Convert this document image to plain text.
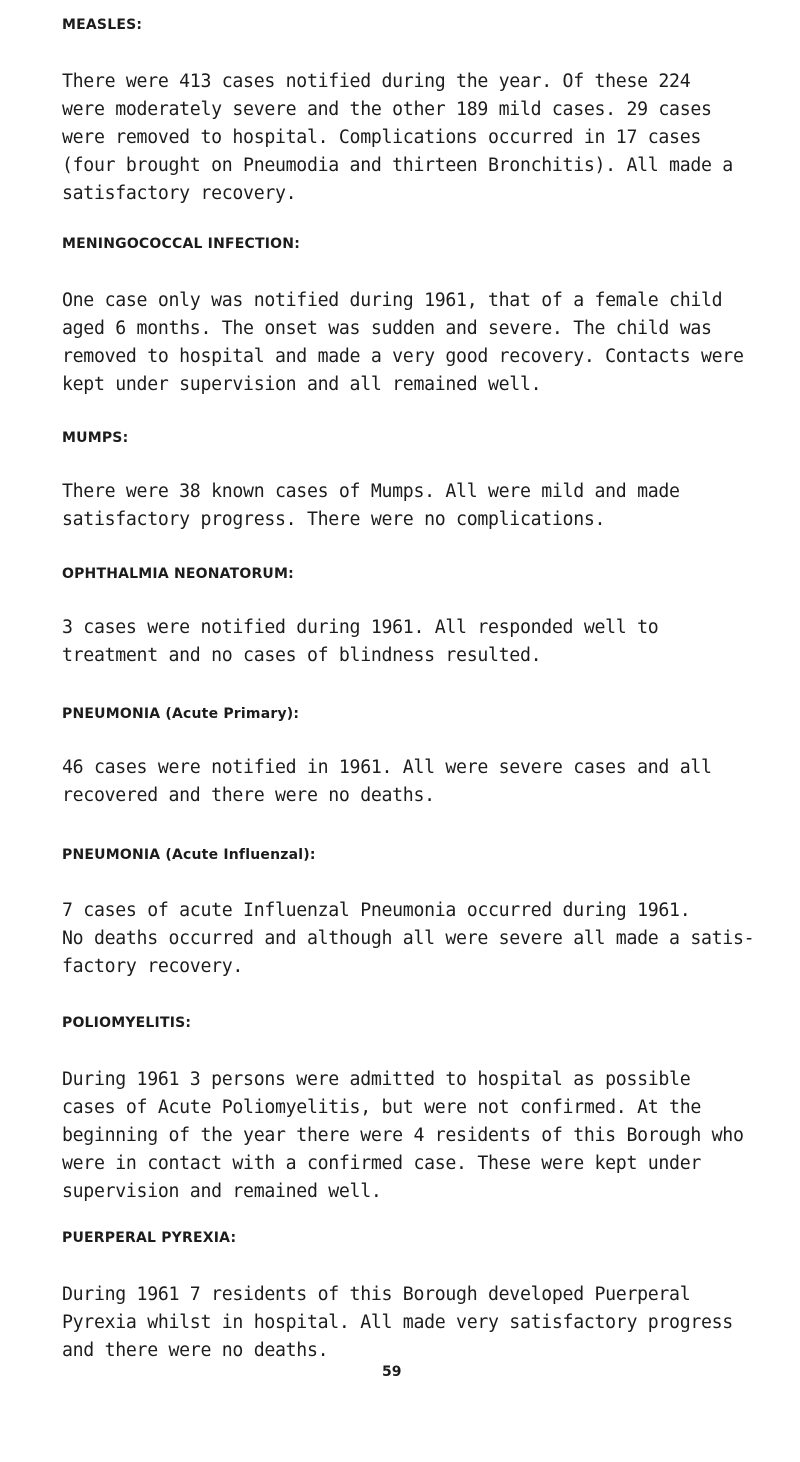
MEASLES:
There were 413 cases notified during the year. Of these 224
were moderately severe and the other 189 mild cases. 29 cases
were removed to hospital. Complications occurred in 17 cases
(four brought on Pneumodia and thirteen Bronchitis). All made a
satisfactory recovery.
MENINGOCOCCAL INFECTION:
One case only was notified during 1961, that of a female child
aged 6 months. The onset was sudden and severe. The child was
removed to hospital and made a very good recovery. Contacts were
kept under supervision and all remained well.
MUMPS:
There were 38 known cases of Mumps. All were mild and made
satisfactory progress. There were no complications.
OPHTHALMIA NEONATORUM:
3 cases were notified during 1961. All responded well to
treatment and no cases of blindness resulted.
PNEUMONIA (Acute Primary):
46 cases were notified in 1961. All were severe cases and all
recovered and there were no deaths.
PNEUMONIA (Acute Influenzal):
7 cases of acute Influenzal Pneumonia occurred during 1961.
No deaths occurred and although all were severe all made a satis-
factory recovery.
POLIOMYELITIS:
During 1961 3 persons were admitted to hospital as possible
cases of Acute Poliomyelitis, but were not confirmed. At the
beginning of the year there were 4 residents of this Borough who
were in contact with a confirmed case. These were kept under
supervision and remained well.
PUERPERAL PYREXIA:
During 1961 7 residents of this Borough developed Puerperal
Pyrexia whilst in hospital. All made very satisfactory progress
and there were no deaths.
59
